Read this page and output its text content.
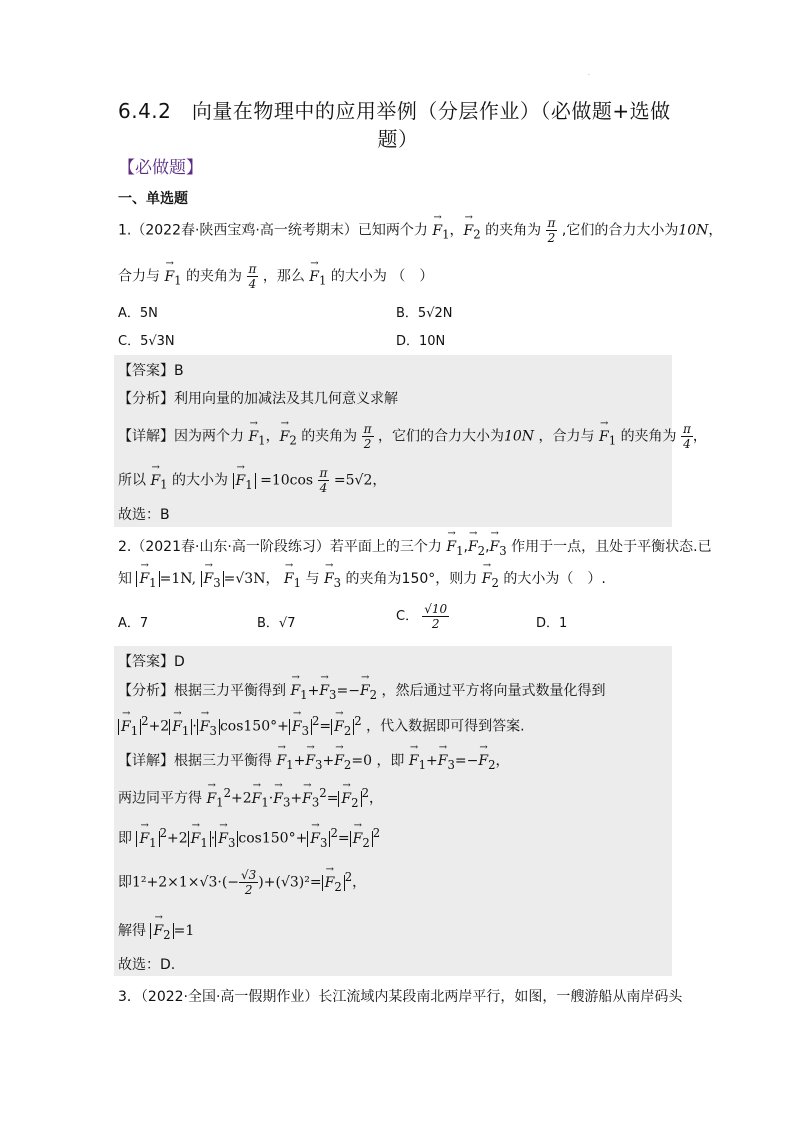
·
6.4.2　向量在物理中的应用举例（分层作业）（必做题+选做
题）
【必做题】
一、单选题
1.（2022春·陕西宝鸡·高一统考期末）已知两个力 → $F_1$，→ $F_2$ 的夹角为 $\frac{\pi}{2}$ ,它们的合力大小为10N，
合力与 → $F_1$ 的夹角为 $\frac{\pi}{4}$ ，那么 → $F_1$ 的大小为 （　）
A．5N	B．5√2N
C．5√3N	D．10N
【答案】B
【分析】利用向量的加减法及其几何意义求解
【详解】因为两个力 → $F_1$，→ $F_2$ 的夹角为 $\frac{\pi}{2}$ ，它们的合力大小为10N ，合力与 → $F_1$ 的夹角为 $\frac{\pi}{4}$ ，
所以 → $F_1$ 的大小为 → $F_1 =10\cos \frac{\pi}{4} =5√2$，
故选：B
2.（2021春·山东·高一阶段练习）若平面上的三个力 → $F_1,\to F_2,\to F_3$ 作用于一点，且处于平衡状态.已
知 → $F_1 =1N$, → $F_3 =√3N$， → $F_1$ 与 → $F_3$ 的夹角为150°，则力 → $F_2$ 的大小为（　）.
A．7	B．√7	C． $\frac{√10}{2}$	D．1
【答案】D
【分析】根据三力平衡得到 → $F_1+\to F_3=-\to F_2$ ，然后通过平方将向量式数量化得到
→ $F_1^2+2\to F_1 \cdot\to F_3$ $\cos 150^\circ+\to F_3^2=\to F_2^2$ ，代入数据即可得到答案.
【详解】根据三力平衡得 → $F_1+\to F_3+\to F_2=0$ ，即 → $F_1+\to F_3=-\to F_2$，
两边同平方得 → $F_1^2+2\to F_1\cdot\to F_3+\to F_3^2=\to F_2^2$，
即 → $F_1^2+2\to F_1 \cdot\to F_3$ $\cos 150^\circ+\to F_3^2=\to F_2^2$
即$1^2+2\times 1\times√3\cdot(- \frac{√3}{2} )+(√3)^2=\to F_2^2$，
解得 → $F_2 =1$
故选：D.
3．（2022·全国·高一假期作业）长江流域内某段南北两岸平行，如图，一艘游船从南岸码头
